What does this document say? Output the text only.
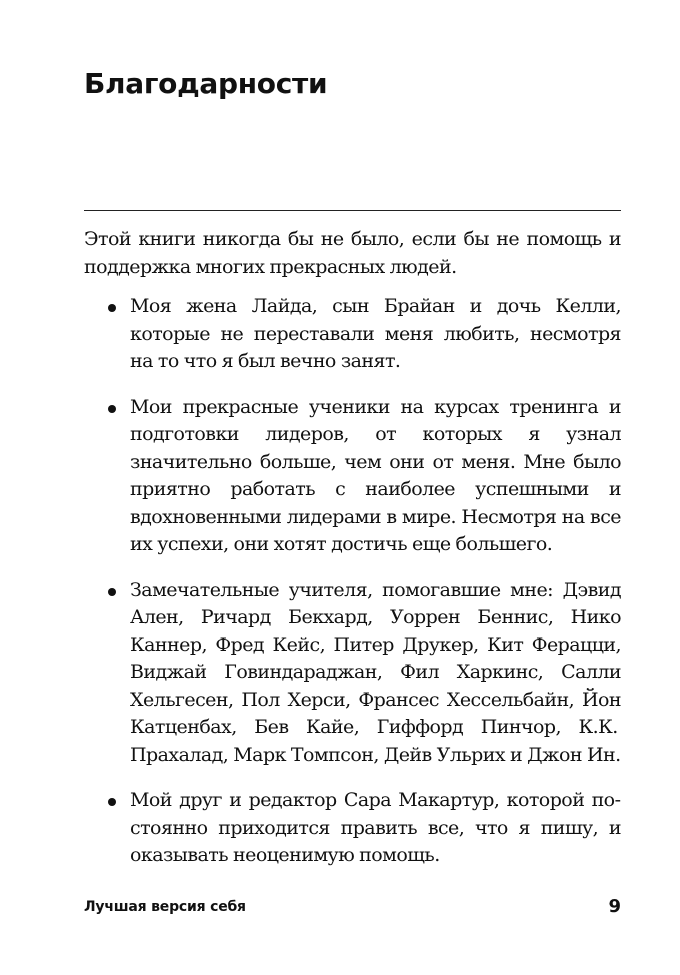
Благодарности

Этой книги никогда бы не было, если бы не помощь и поддержка многих прекрасных людей.

Моя жена Лайда, сын Брайан и дочь Келли, которые не переставали меня любить, несмотря на то что я был вечно занят.
Мои прекрасные ученики на курсах тренинга и подготовки лидеров, от которых я узнал значительно больше, чем они от меня. Мне было приятно работать с наиболее успешными и вдохновенными лидерами в мире. Несмотря на все их успехи, они хотят достичь еще большего.
Замечательные учителя, помогавшие мне: Дэвид Ален, Ричард Бекхард, Уоррен Беннис, Нико Каннер, Фред Кейс, Питер Друкер, Кит Ферацци, Виджай Говиндараджан, Фил Харкинс, Салли Хельгесен, Пол Херси, Франсес Хессельбайн, Йон Катценбах, Бев Кайе, Гиффорд Пинчор, К.К. Прахалад, Марк Томпсон, Дейв Ульрих и Джон Ин.
Мой друг и редактор Сара Макартур, которой постоянно приходится править все, что я пишу, и оказывать неоценимую помощь.
Лучшая версия себя	9
